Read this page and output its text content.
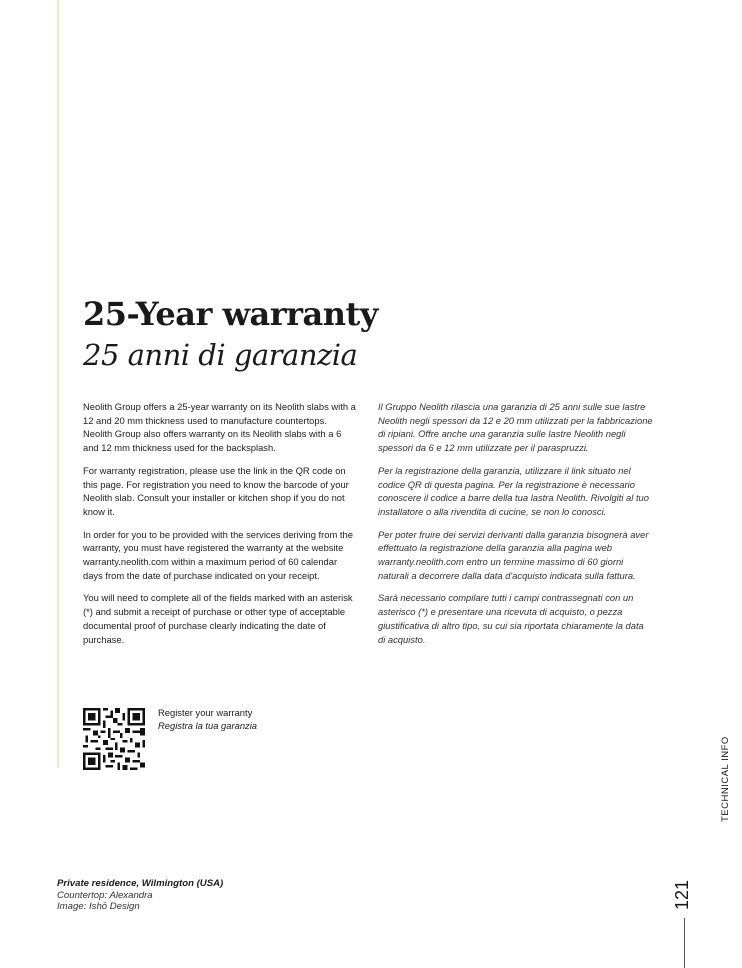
25-Year warranty
25 anni di garanzia

Neolith Group offers a 25-year warranty on its Neolith slabs with a 12 and 20 mm thickness used to manufacture countertops. Neolith Group also offers warranty on its Neolith slabs with a 6 and 12 mm thickness used for the backsplash.

For warranty registration, please use the link in the QR code on this page. For registration you need to know the barcode of your Neolith slab. Consult your installer or kitchen shop if you do not know it.

In order for you to be provided with the services deriving from the warranty, you must have registered the warranty at the website warranty.neolith.com within a maximum period of 60 calendar days from the date of purchase indicated on your receipt.

You will need to complete all of the fields marked with an asterisk (*) and submit a receipt of purchase or other type of acceptable documental proof of purchase clearly indicating the date of purchase.

Il Gruppo Neolith rilascia una garanzia di 25 anni sulle sue lastre Neolith negli spessori da 12 e 20 mm utilizzati per la fabbricazione di ripiani. Offre anche una garanzia sulle lastre Neolith negli spessori da 6 e 12 mm utilizzate per il paraspruzzi.

Per la registrazione della garanzia, utilizzare il link situato nel codice QR di questa pagina. Per la registrazione è necessario conoscere il codice a barre della tua lastra Neolith. Rivolgiti al tuo installatore o alla rivendita di cucine, se non lo conosci.

Per poter fruire dei servizi derivanti dalla garanzia bisognerà aver effettuato la registrazione della garanzia alla pagina web warranty.neolith.com entro un termine massimo di 60 giorni naturali a decorrere dalla data d'acquisto indicata sulla fattura.

Sarà necessario compilare tutti i campi contrassegnati con un asterisco (*) e presentare una ricevuta di acquisto, o pezza giustificativa di altro tipo, su cui sia riportata chiaramente la data di acquisto.

Register your warranty
Registra la tua garanzia
TECHNICAL INFO
121
Private residence, Wilmington (USA)
Countertop: Alexandra
Image: Ishō Design
